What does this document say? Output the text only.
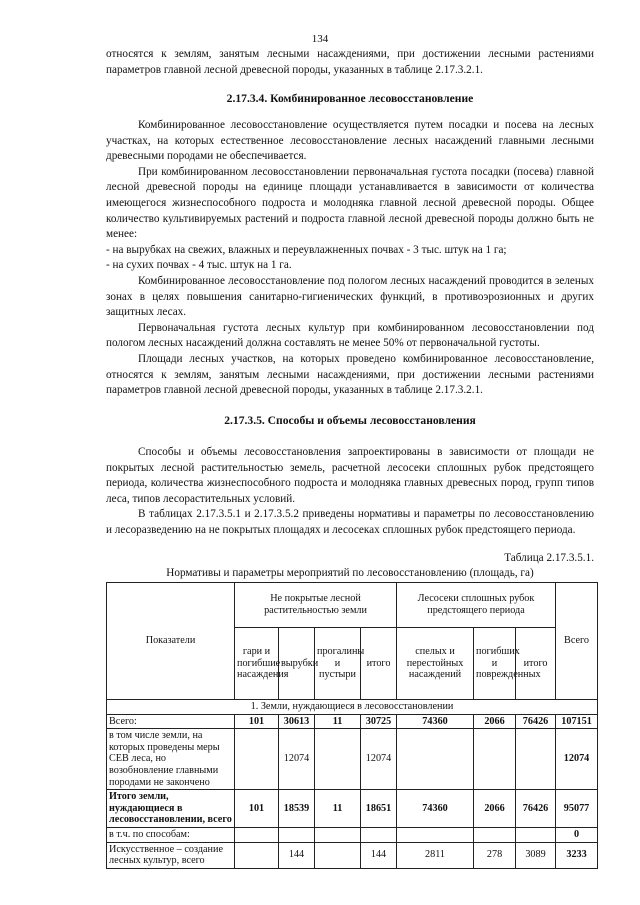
134

относятся к землям, занятым лесными насаждениями, при достижении лесными растениями параметров главной лесной древесной породы, указанных в таблице 2.17.3.2.1.

2.17.3.4. Комбинированное лесовосстановление

Комбинированное лесовосстановление осуществляется путем посадки и посева на лесных участках, на которых естественное лесовосстановление лесных насаждений главными лесными древесными породами не обеспечивается.

При комбинированном лесовосстановлении первоначальная густота посадки (посева) главной лесной древесной породы на единице площади устанавливается в зависимости от количества имеющегося жизнеспособного подроста и молодняка главной лесной древесной породы. Общее количество культивируемых растений и подроста главной лесной древесной породы должно быть не менее:

- на вырубках на свежих, влажных и переувлажненных почвах - 3 тыс. штук на 1 га;

- на сухих почвах - 4 тыс. штук на 1 га.

Комбинированное лесовосстановление под пологом лесных насаждений проводится в зеленых зонах в целях повышения санитарно-гигиенических функций, в противоэрозионных и других защитных лесах.

Первоначальная густота лесных культур при комбинированном лесовосстановлении под пологом лесных насаждений должна составлять не менее 50% от первоначальной густоты.

Площади лесных участков, на которых проведено комбинированное лесовосстановление, относятся к землям, занятым лесными насаждениями, при достижении лесными растениями параметров главной лесной древесной породы, указанных в таблице 2.17.3.2.1.

2.17.3.5. Способы и объемы лесовосстановления

Способы и объемы лесовосстановления запроектированы в зависимости от площади не покрытых лесной растительностью земель, расчетной лесосеки сплошных рубок предстоящего периода, количества жизнеспособного подроста и молодняка главных древесных пород, групп типов леса, типов лесорастительных условий.

В таблицах 2.17.3.5.1 и 2.17.3.5.2 приведены нормативы и параметры по лесовосстановлению и лесоразведению на не покрытых площадях и лесосеках сплошных рубок предстоящего периода.

Таблица 2.17.3.5.1.
Нормативы и параметры мероприятий по лесовосстановлению (площадь, га)
Показатели	Не покрытые лесной растительностью земли				Лесосеки сплошных рубок предстоящего периода			Всего
	гари и погибшие насаждения	вырубки	прогалины и пустыри	итого	спелых и перестойных насаждений	погибших и поврежденных	итого	
1. Земли, нуждающиеся в лесовосстановлении								
Всего:	101	30613	11	30725	74360	2066	76426	107151
в том числе земли, на которых проведены меры СЕВ леса, но возобновление главными породами не закончено		12074		12074				12074
Итого земли, нуждающиеся в лесовосстановлении, всего	101	18539	11	18651	74360	2066	76426	95077
в т.ч. по способам:								0
Искусственное – создание лесных культур, всего		144		144	2811	278	3089	3233
